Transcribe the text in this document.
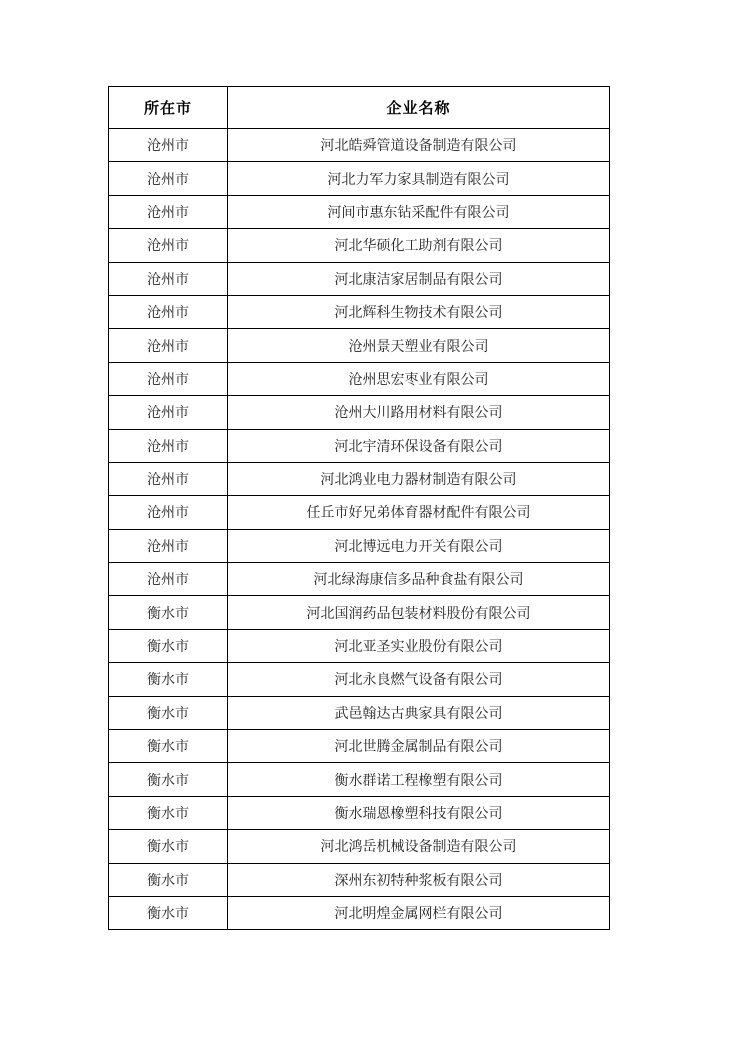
所在市	企业名称
沧州市	河北皓舜管道设备制造有限公司
沧州市	河北力军力家具制造有限公司
沧州市	河间市惠东钻采配件有限公司
沧州市	河北华硕化工助剂有限公司
沧州市	河北康洁家居制品有限公司
沧州市	河北辉科生物技术有限公司
沧州市	沧州景天塑业有限公司
沧州市	沧州思宏枣业有限公司
沧州市	沧州大川路用材料有限公司
沧州市	河北宇清环保设备有限公司
沧州市	河北鸿业电力器材制造有限公司
沧州市	任丘市好兄弟体育器材配件有限公司
沧州市	河北博远电力开关有限公司
沧州市	河北绿海康信多品种食盐有限公司
衡水市	河北国润药品包装材料股份有限公司
衡水市	河北亚圣实业股份有限公司
衡水市	河北永良燃气设备有限公司
衡水市	武邑翰达古典家具有限公司
衡水市	河北世腾金属制品有限公司
衡水市	衡水群诺工程橡塑有限公司
衡水市	衡水瑞恩橡塑科技有限公司
衡水市	河北鸿岳机械设备制造有限公司
衡水市	深州东初特种浆板有限公司
衡水市	河北明煌金属网栏有限公司
